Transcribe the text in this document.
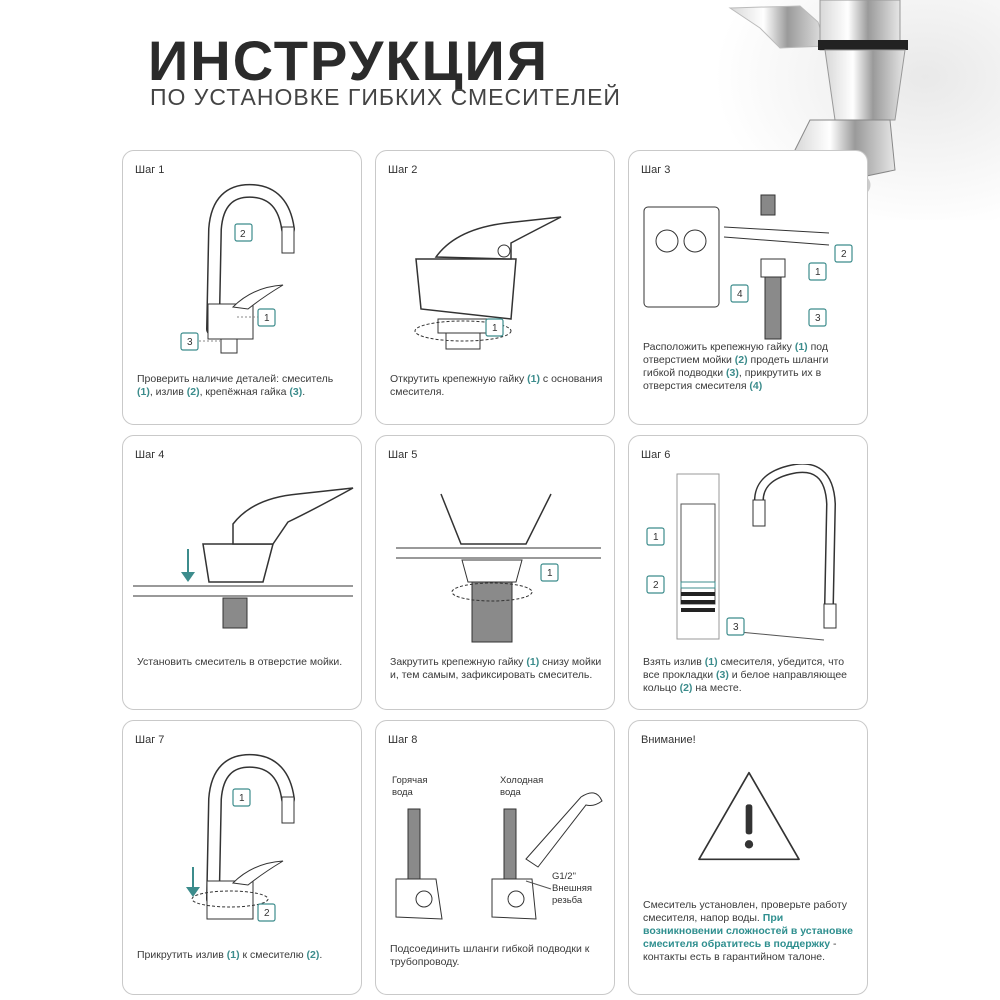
ИНСТРУКЦИЯ
ПО УСТАНОВКЕ ГИБКИХ СМЕСИТЕЛЕЙ
Шаг 1
2
1
3
Проверить наличие деталей: смеситель (1), излив (2), крепёжная гайка (3).
Шаг 2
1
Открутить крепежную гайку (1) с основания смесителя.
Шаг 3
1
2
3
4
Расположить крепежную гайку (1) под отверстием мойки (2) продеть шланги гибкой подводки (3), прикрутить их в отверстия смесителя (4)
Шаг 4
Установить смеситель в отверстие мойки.
Шаг 5
1
Закрутить крепежную гайку (1) снизу мойки и, тем самым, зафиксировать смеситель.
Шаг 6
1
2
3
Взять излив (1) смесителя, убедится, что все прокладки (3) и белое направляющее кольцо (2) на месте.
Шаг 7
1
2
Прикрутить излив (1) к смесителю (2).
Шаг 8
Горячая вода
Холодная вода
G1/2" Внешняя резьба
Подсоединить шланги гибкой подводки к трубопроводу.
Внимание!
Смеситель установлен, проверьте работу смесителя, напор воды. При возникновении сложностей в установке смесителя обратитесь в поддержку - контакты есть в гарантийном талоне.
